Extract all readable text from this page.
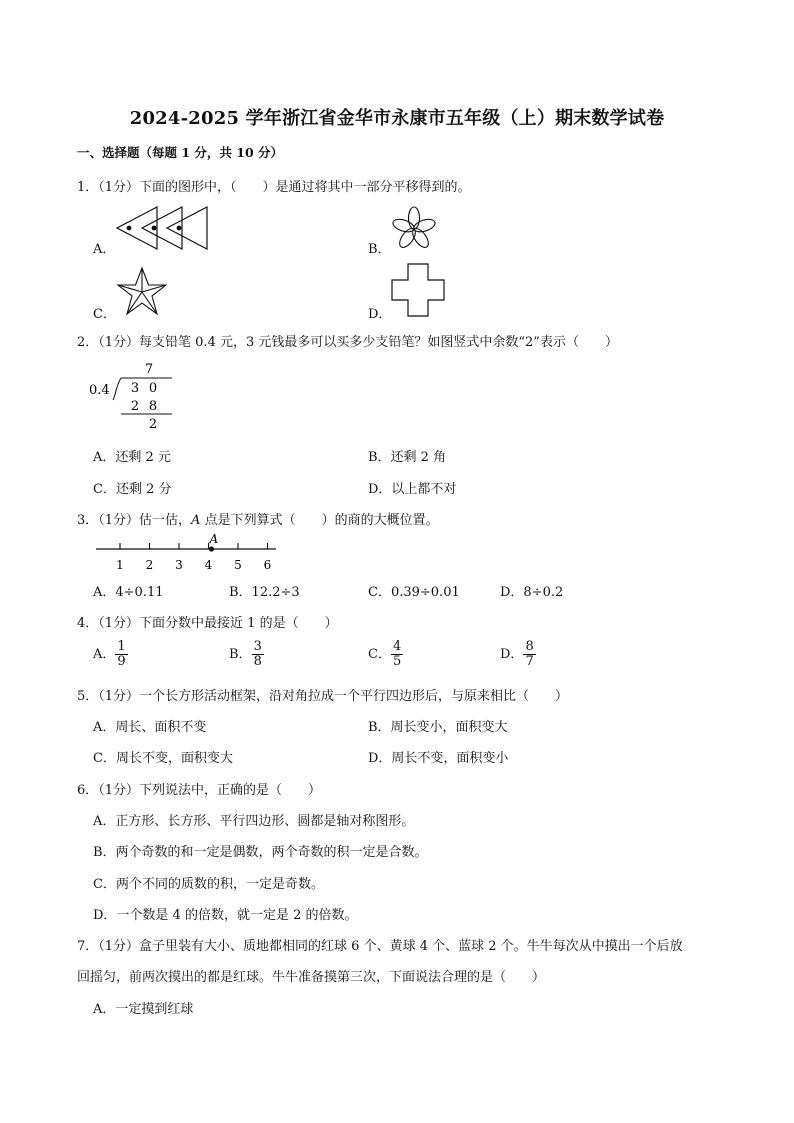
2024-2025 学年浙江省金华市永康市五年级（上）期末数学试卷
一、选择题（每题 1 分，共 10 分）
1．（1分）下面的图形中，（　　）是通过将其中一部分平移得到的。
A．	B．
C．	D．
2．（1分）每支铅笔 0.4 元，3 元钱最多可以买多少支铅笔？如图竖式中余数“2”表示（　　）
7
0.4 3 0
2 8
2
A．还剩 2 元	B．还剩 2 角
C．还剩 2 分	D．以上都不对
3．（1分）估一估，A 点是下列算式（　　）的商的大概位置。
1 2 3 4 5 6
A
A．4÷0.11	B．12.2÷3	C．0.39÷0.01	D．8÷0.2
4．（1分）下面分数中最接近 1 的是（　　）
A． $\frac{1}{9}$	B． $\frac{3}{8}$	C． $\frac{4}{5}$	D． $\frac{8}{7}$
5．（1分）一个长方形活动框架，沿对角拉成一个平行四边形后，与原来相比（　　）
A．周长、面积不变	B．周长变小，面积变大
C．周长不变，面积变大	D．周长不变，面积变小
6．（1分）下列说法中，正确的是（　　）
A．正方形、长方形、平行四边形、圆都是轴对称图形。
B．两个奇数的和一定是偶数，两个奇数的积一定是合数。
C．两个不同的质数的积，一定是奇数。
D．一个数是 4 的倍数，就一定是 2 的倍数。
7．（1分）盒子里装有大小、质地都相同的红球 6 个、黄球 4 个、蓝球 2 个。牛牛每次从中摸出一个后放
回摇匀，前两次摸出的都是红球。牛牛准备摸第三次，下面说法合理的是（　　）
A．一定摸到红球
